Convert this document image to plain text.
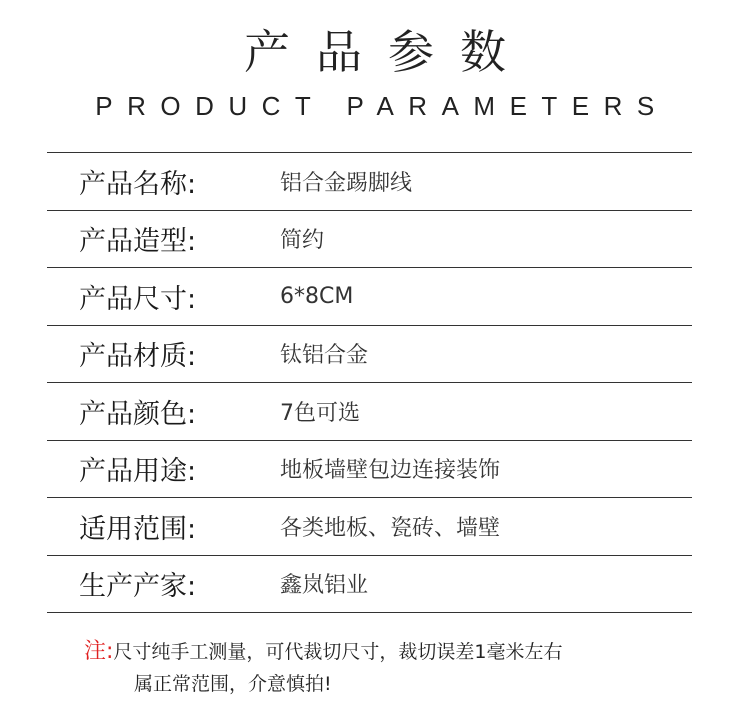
产品参数
PRODUCT PARAMETERS
产品名称:	铝合金踢脚线
产品造型:	简约
产品尺寸:	6*8CM
产品材质:	钛铝合金
产品颜色:	7色可选
产品用途:	地板墙壁包边连接装饰
适用范围:	各类地板、瓷砖、墙壁
生产产家:	鑫岚铝业
注:尺寸纯手工测量，可代裁切尺寸，裁切误差1毫米左右
属正常范围，介意慎拍!
